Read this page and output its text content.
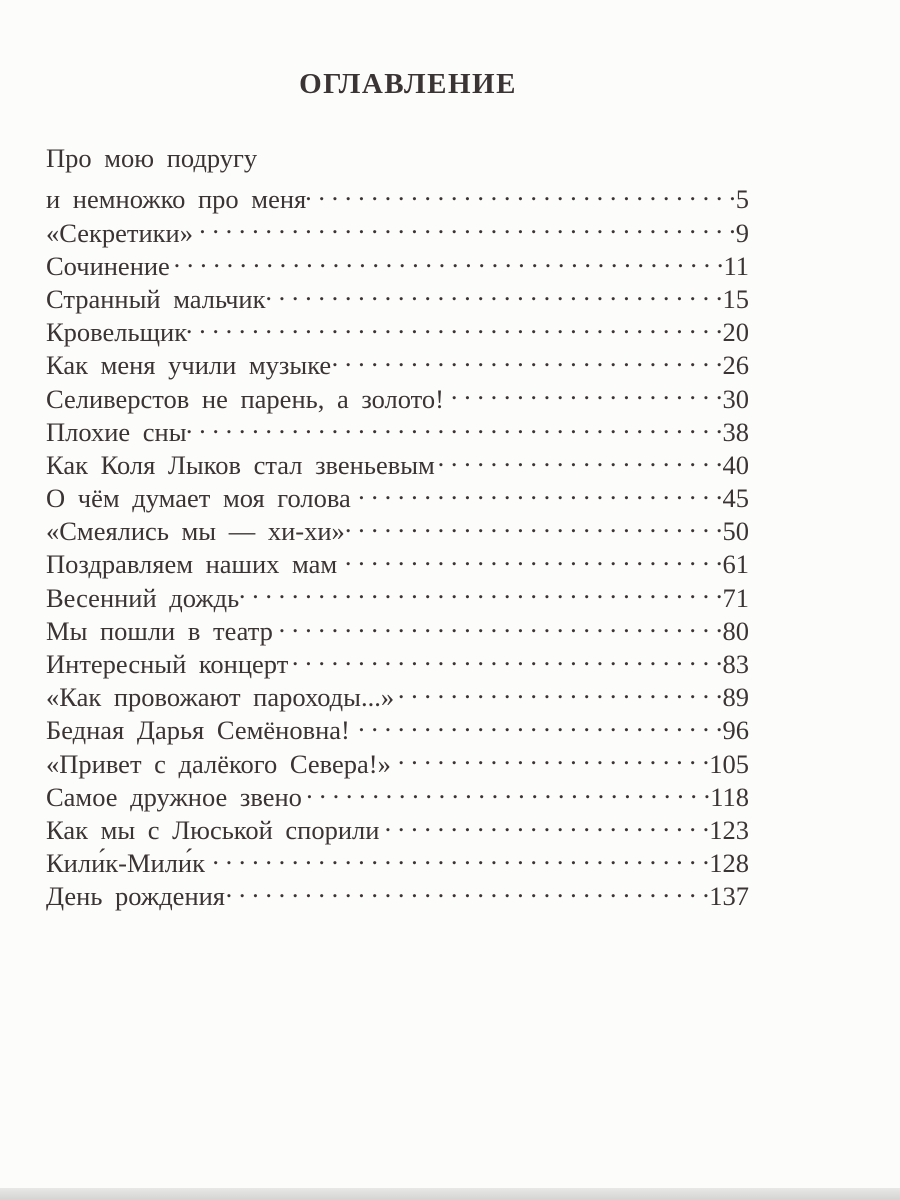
ОГЛАВЛЕНИЕ
Про мою подругу
и немножко про меня . . .	5
«Секретики» . . .	9
Сочинение . . .	11
Странный мальчик . . .	15
Кровельщик . . .	20
Как меня учили музыке . . .	26
Селиверстов не парень, а золото! . . .	30
Плохие сны . . .	38
Как Коля Лыков стал звеньевым . . .	40
О чём думает моя голова . . .	45
«Смеялись мы — хи-хи» . . .	50
Поздравляем наших мам . . .	61
Весенний дождь . . .	71
Мы пошли в театр . . .	80
Интересный концерт . . .	83
«Как провожают пароходы...» . . .	89
Бедная Дарья Семёновна! . . .	96
«Привет с далёкого Севера!» . . .	105
Самое дружное звено . . .	118
Как мы с Люськой спорили . . .	123
Кили́к-Мили́к . . .	128
День рождения . . .	137
